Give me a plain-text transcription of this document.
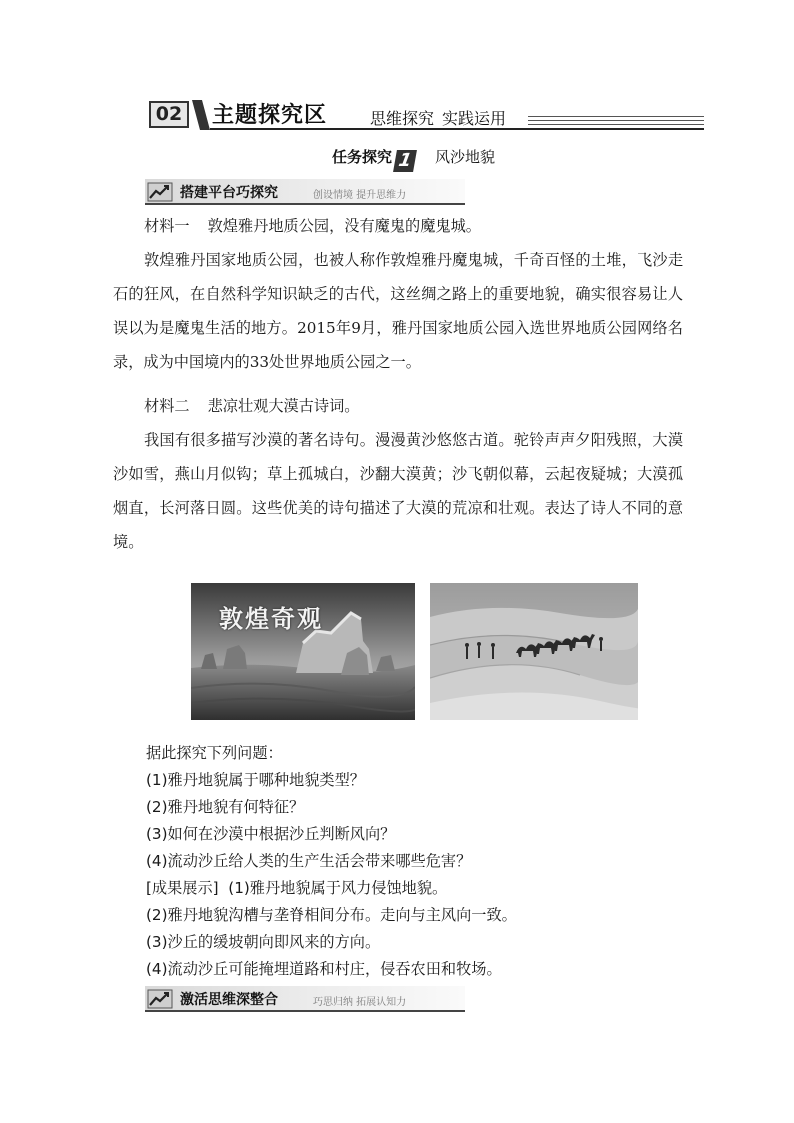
02	主题探究区	思维探究 实践运用
任务探究 1 风沙地貌
搭建平台巧探究	创设情境 提升思维力
材料一 敦煌雅丹地质公园，没有魔鬼的魔鬼城。

敦煌雅丹国家地质公园，也被人称作敦煌雅丹魔鬼城，千奇百怪的土堆，飞沙走石的狂风，在自然科学知识缺乏的古代，这丝绸之路上的重要地貌，确实很容易让人误以为是魔鬼生活的地方。2015年9月，雅丹国家地质公园入选世界地质公园网络名录，成为中国境内的33处世界地质公园之一。

材料二 悲凉壮观大漠古诗词。

我国有很多描写沙漠的著名诗句。漫漫黄沙悠悠古道。驼铃声声夕阳残照，大漠沙如雪，燕山月似钩；草上孤城白，沙翻大漠黄；沙飞朝似幕，云起夜疑城；大漠孤烟直，长河落日圆。这些优美的诗句描述了大漠的荒凉和壮观。表达了诗人不同的意境。

敦煌奇观
据此探究下列问题：
(1)雅丹地貌属于哪种地貌类型？
(2)雅丹地貌有何特征？
(3)如何在沙漠中根据沙丘判断风向？
(4)流动沙丘给人类的生产生活会带来哪些危害？
[成果展示] (1)雅丹地貌属于风力侵蚀地貌。
(2)雅丹地貌沟槽与垄脊相间分布。走向与主风向一致。
(3)沙丘的缓坡朝向即风来的方向。
(4)流动沙丘可能掩埋道路和村庄，侵吞农田和牧场。
激活思维深整合	巧思归纳 拓展认知力
